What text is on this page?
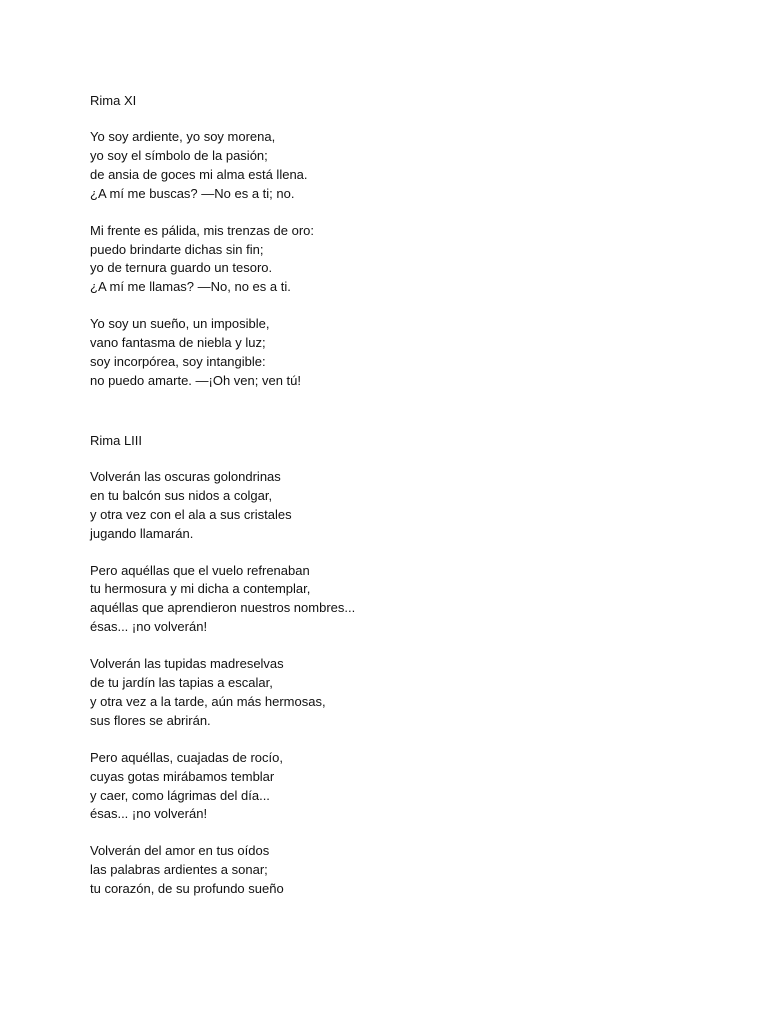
Rima XI
Yo soy ardiente, yo soy morena,
yo soy el símbolo de la pasión;
de ansia de goces mi alma está llena.
¿A mí me buscas? —No es a ti; no.
Mi frente es pálida, mis trenzas de oro:
puedo brindarte dichas sin fin;
yo de ternura guardo un tesoro.
¿A mí me llamas? —No, no es a ti.
Yo soy un sueño, un imposible,
vano fantasma de niebla y luz;
soy incorpórea, soy intangible:
no puedo amarte. —¡Oh ven; ven tú!
Rima LIII
Volverán las oscuras golondrinas
en tu balcón sus nidos a colgar,
y otra vez con el ala a sus cristales
jugando llamarán.
Pero aquéllas que el vuelo refrenaban
tu hermosura y mi dicha a contemplar,
aquéllas que aprendieron nuestros nombres...
ésas... ¡no volverán!
Volverán las tupidas madreselvas
de tu jardín las tapias a escalar,
y otra vez a la tarde, aún más hermosas,
sus flores se abrirán.
Pero aquéllas, cuajadas de rocío,
cuyas gotas mirábamos temblar
y caer, como lágrimas del día...
ésas... ¡no volverán!
Volverán del amor en tus oídos
las palabras ardientes a sonar;
tu corazón, de su profundo sueño
